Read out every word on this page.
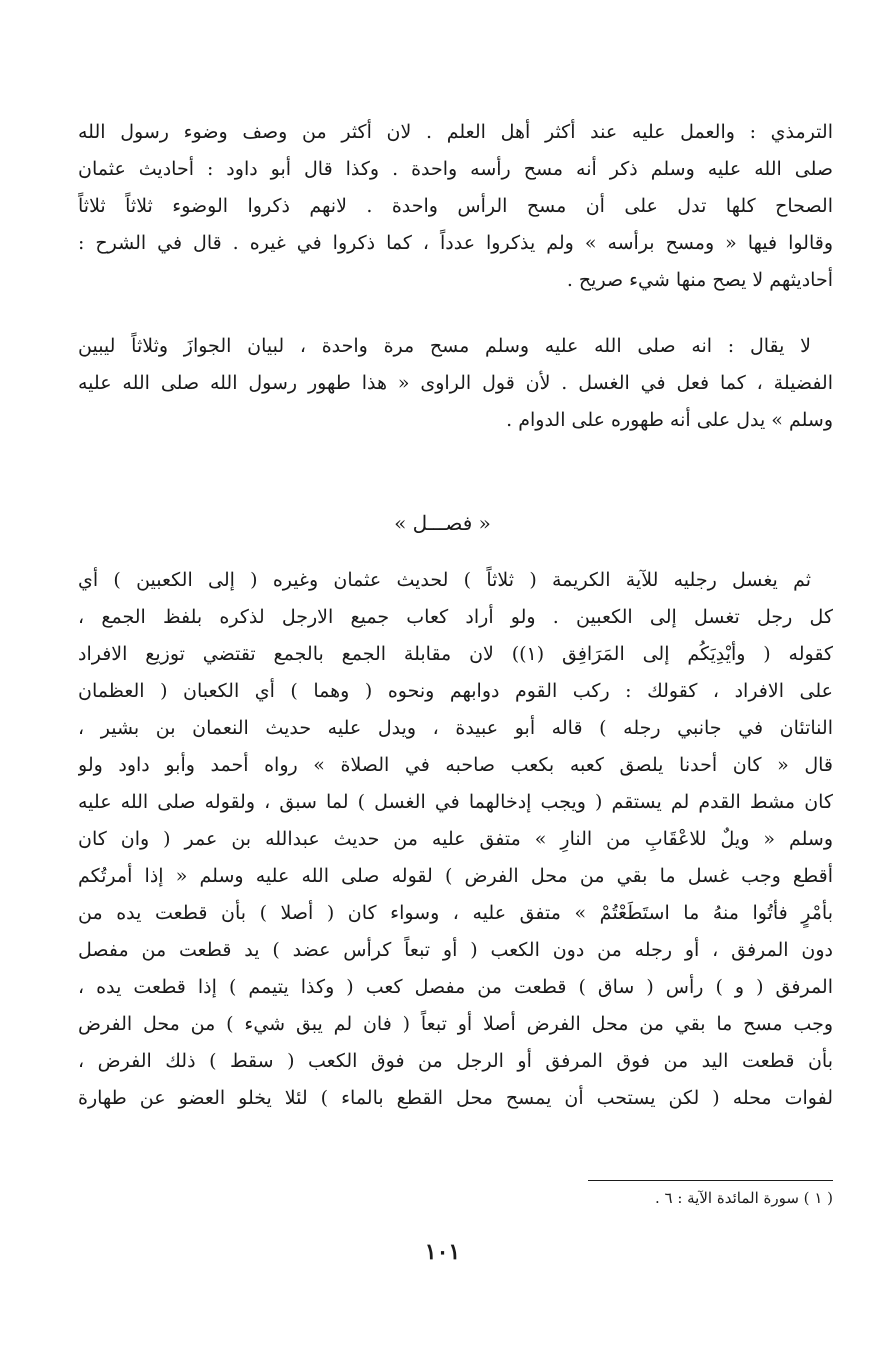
الترمذي : والعمل عليه عند أكثر أهل العلم . لان أكثر من وصف وضوء رسول الله
صلى الله عليه وسلم ذكر أنه مسح رأسه واحدة . وكذا قال أبو داود : أحاديث عثمان
الصحاح كلها تدل على أن مسح الرأس واحدة . لانهم ذكروا الوضوء ثلاثاً ثلاثاً
وقالوا فيها « ومسح برأسه » ولم يذكروا عدداً ، كما ذكروا في غيره . قال في الشرح :
أحاديثهم لا يصح منها شيء صريح .
لا يقال : انه صلى الله عليه وسلم مسح مرة واحدة ، لبيان الجوازَ وثلاثاً ليبين
الفضيلة ، كما فعل في الغسل . لأن قول الراوى « هذا طهور رسول الله صلى الله عليه
وسلم » يدل على أنه طهوره على الدوام .
« فصـــل »
ثم يغسل رجليه للآية الكريمة ( ثلاثاً ) لحديث عثمان وغيره ( إلى الكعبين ) أي
كل رجل تغسل إلى الكعبين . ولو أراد كعاب جميع الارجل لذكره بلفظ الجمع ،
كقوله ( وأيْدِيَكُم إلى المَرَافِق (١)) لان مقابلة الجمع بالجمع تقتضي توزيع الافراد
على الافراد ، كقولك : ركب القوم دوابهم ونحوه ( وهما ) أي الكعبان ( العظمان
الناتئان في جانبي رجله ) قاله أبو عبيدة ، ويدل عليه حديث النعمان بن بشير ،
قال « كان أحدنا يلصق كعبه بكعب صاحبه في الصلاة » رواه أحمد وأبو داود ولو
كان مشط القدم لم يستقم ( ويجب إدخالهما في الغسل ) لما سبق ، ولقوله صلى الله عليه
وسلم « ويلٌ للاعْقَابِ من النارِ » متفق عليه من حديث عبدالله بن عمر ( وان كان
أقطع وجب غسل ما بقي من محل الفرض ) لقوله صلى الله عليه وسلم « إذا أمرتُكم
بأمْرٍ فأتُوا منهُ ما استَطَعْتُمْ » متفق عليه ، وسواء كان ( أصلا ) بأن قطعت يده من
دون المرفق ، أو رجله من دون الكعب ( أو تبعاً كرأس عضد ) يد قطعت من مفصل
المرفق ( و ) رأس ( ساق ) قطعت من مفصل كعب ( وكذا يتيمم ) إذا قطعت يده ،
وجب مسح ما بقي من محل الفرض أصلا أو تبعاً ( فان لم يبق شيء ) من محل الفرض
بأن قطعت اليد من فوق المرفق أو الرجل من فوق الكعب ( سقط ) ذلك الفرض ،
لفوات محله ( لكن يستحب أن يمسح محل القطع بالماء ) لئلا يخلو العضو عن طهارة
( ١ ) سورة المائدة الآية : ٦ .
١٠١
